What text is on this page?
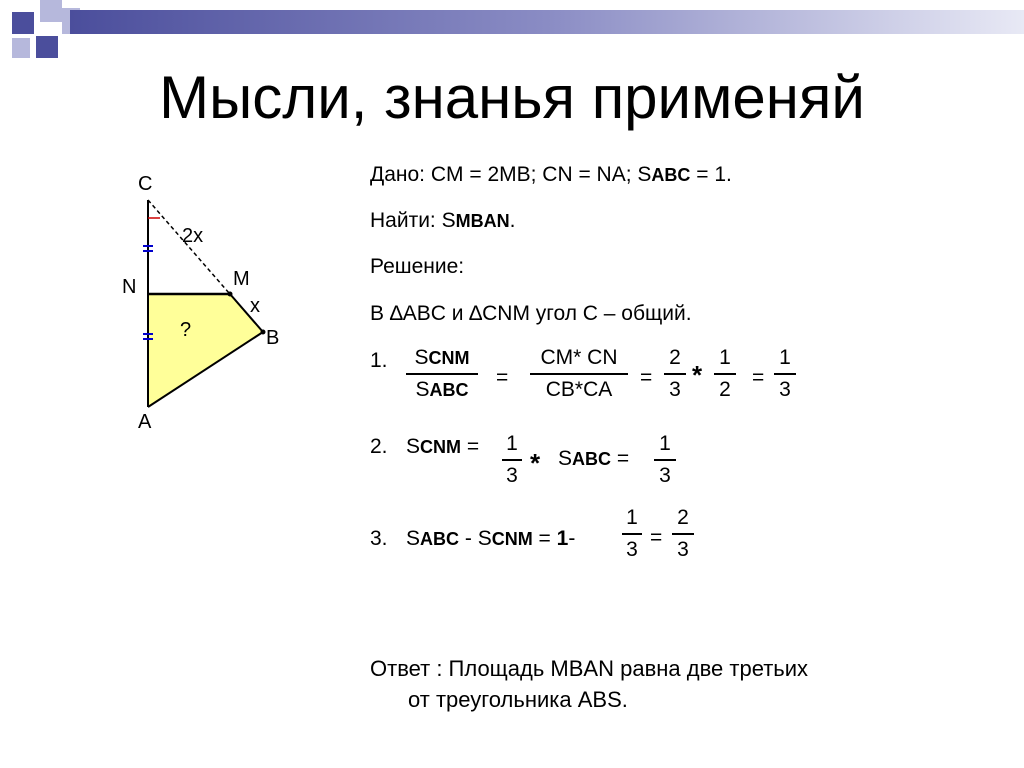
Мысли, знанья применяй
C
2x
N	M
x
?	B
A
Дано: CM = 2MB; CN = NA; SABC = 1.
Найти: SMBAN.
Решение:
В ∆ABC и ∆CNM угол C – общий.
1.	SCNM
SABC
=
CM* CN
CB*CA
=
2
3 *
1
2
=
1
3
2. SCNM = 1
3 * SABC =
1
3
3. SABC - SCNM = 1-
1
3
=
2
3
Ответ : Площадь MBAN равна две третьих
от треугольника ABS.
